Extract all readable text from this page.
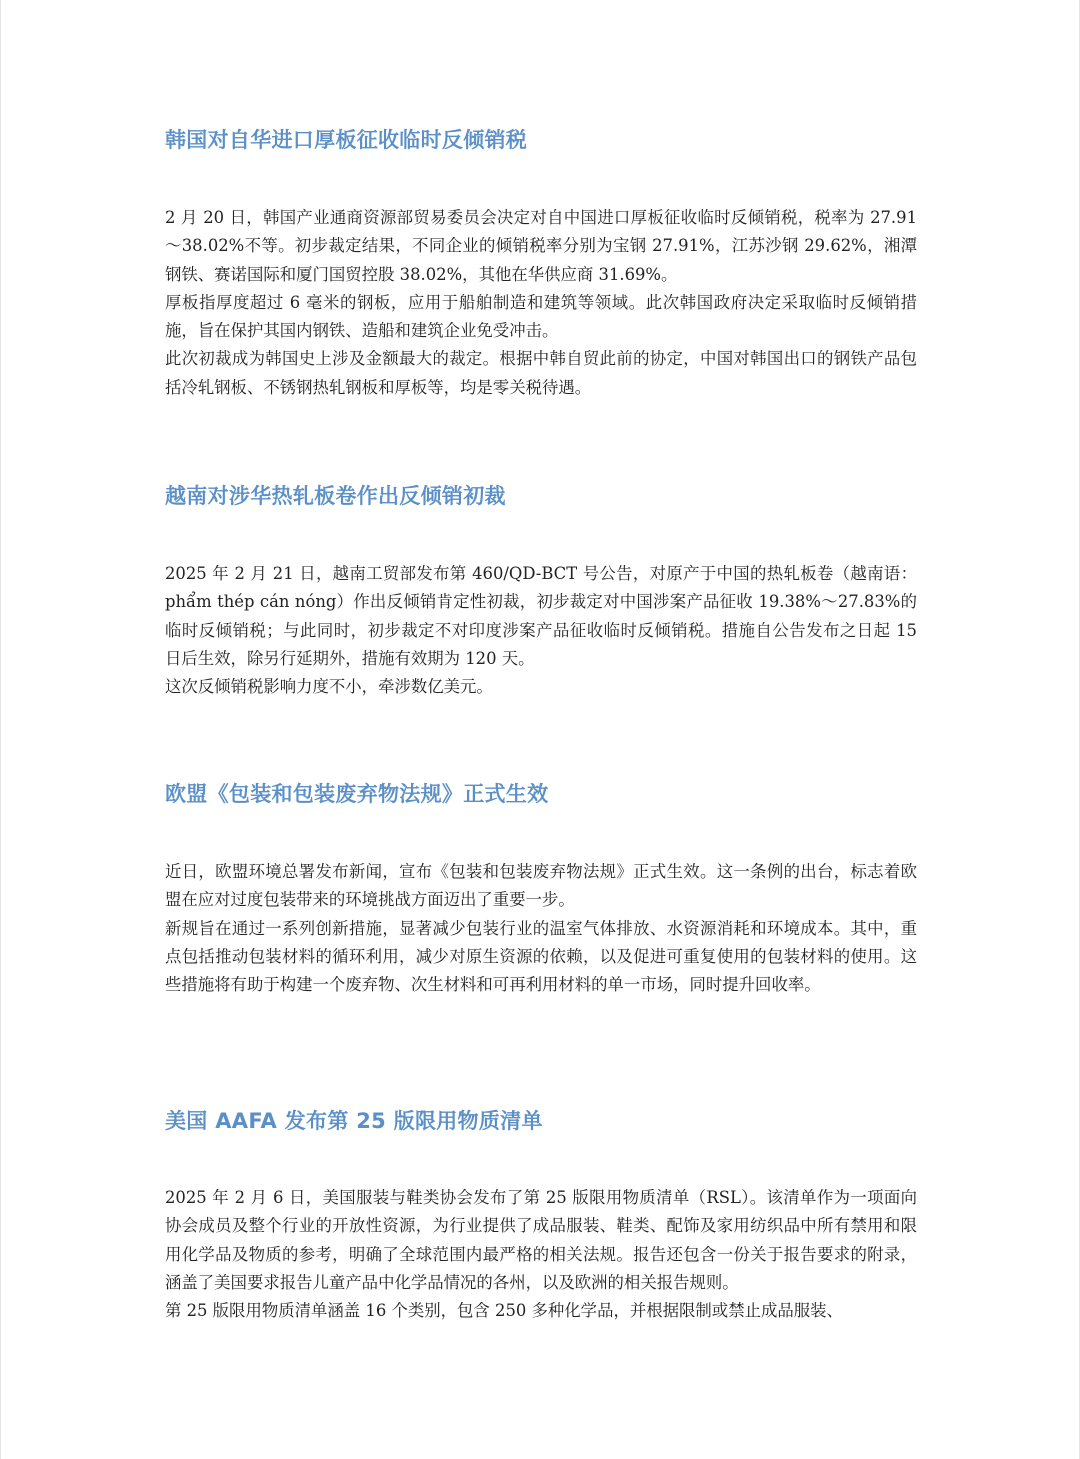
韩国对自华进口厚板征收临时反倾销税

2 月 20 日，韩国产业通商资源部贸易委员会决定对自中国进口厚板征收临时反倾销税，税率为 27.91～38.02%不等。初步裁定结果，不同企业的倾销税率分别为宝钢 27.91%，江苏沙钢 29.62%，湘潭钢铁、赛诺国际和厦门国贸控股 38.02%，其他在华供应商 31.69%。

厚板指厚度超过 6 毫米的钢板，应用于船舶制造和建筑等领域。此次韩国政府决定采取临时反倾销措施，旨在保护其国内钢铁、造船和建筑企业免受冲击。

此次初裁成为韩国史上涉及金额最大的裁定。根据中韩自贸此前的协定，中国对韩国出口的钢铁产品包括冷轧钢板、不锈钢热轧钢板和厚板等，均是零关税待遇。

越南对涉华热轧板卷作出反倾销初裁

2025 年 2 月 21 日，越南工贸部发布第 460/QD-BCT 号公告，对原产于中国的热轧板卷（越南语：phẩm thép cán nóng）作出反倾销肯定性初裁，初步裁定对中国涉案产品征收 19.38%～27.83%的临时反倾销税；与此同时，初步裁定不对印度涉案产品征收临时反倾销税。措施自公告发布之日起 15 日后生效，除另行延期外，措施有效期为 120 天。

这次反倾销税影响力度不小，牵涉数亿美元。

欧盟《包装和包装废弃物法规》正式生效

近日，欧盟环境总署发布新闻，宣布《包装和包装废弃物法规》正式生效。这一条例的出台，标志着欧盟在应对过度包装带来的环境挑战方面迈出了重要一步。

新规旨在通过一系列创新措施，显著减少包装行业的温室气体排放、水资源消耗和环境成本。其中，重点包括推动包装材料的循环利用，减少对原生资源的依赖，以及促进可重复使用的包装材料的使用。这些措施将有助于构建一个废弃物、次生材料和可再利用材料的单一市场，同时提升回收率。

美国 AAFA 发布第 25 版限用物质清单

2025 年 2 月 6 日，美国服装与鞋类协会发布了第 25 版限用物质清单（RSL）。该清单作为一项面向协会成员及整个行业的开放性资源，为行业提供了成品服装、鞋类、配饰及家用纺织品中所有禁用和限用化学品及物质的参考，明确了全球范围内最严格的相关法规。报告还包含一份关于报告要求的附录，涵盖了美国要求报告儿童产品中化学品情况的各州，以及欧洲的相关报告规则。

第 25 版限用物质清单涵盖 16 个类别，包含 250 多种化学品，并根据限制或禁止成品服装、
